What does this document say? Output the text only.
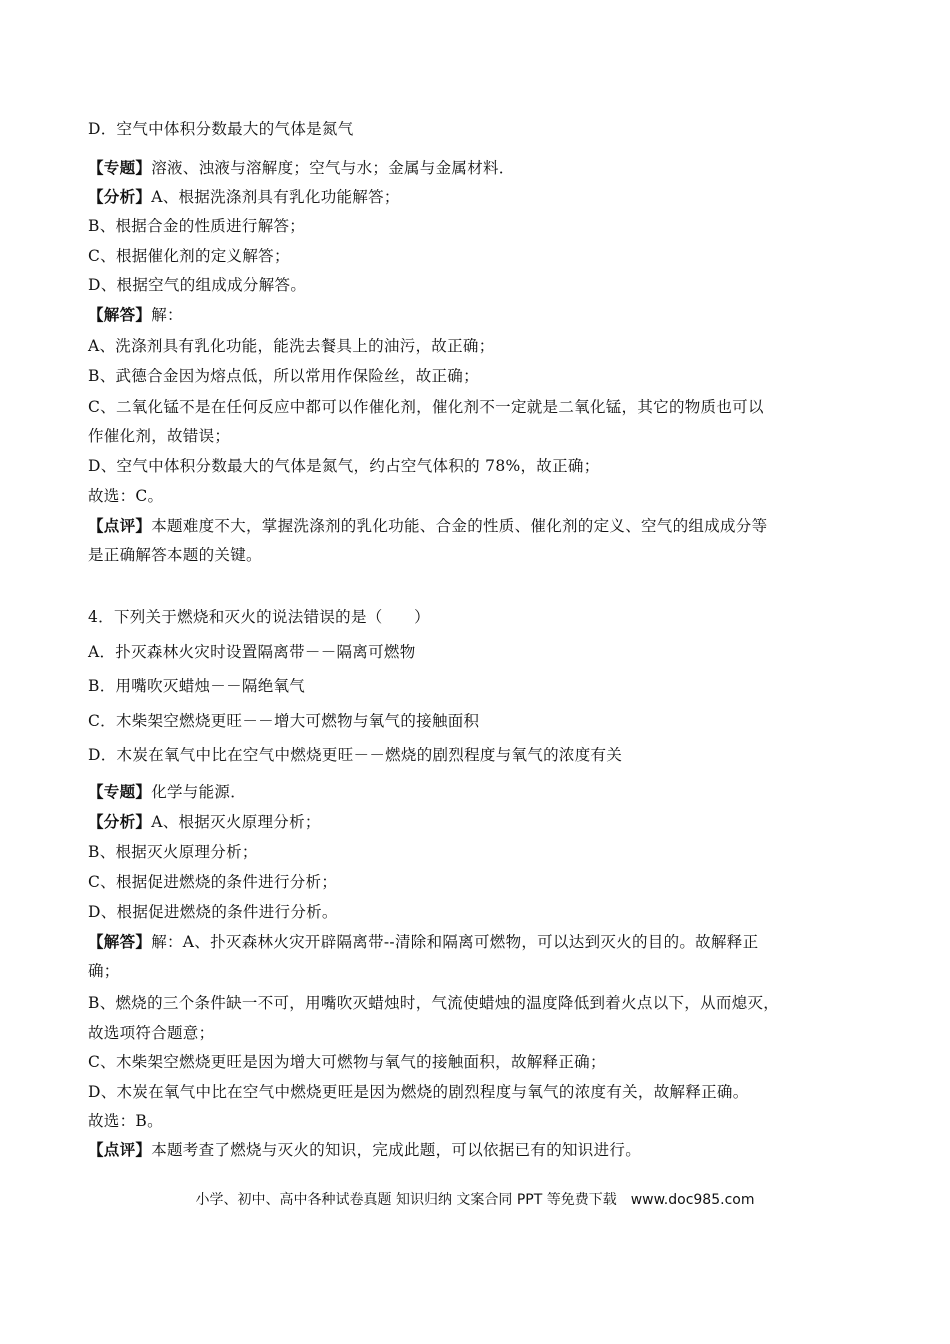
D．空气中体积分数最大的气体是氮气
【专题】溶液、浊液与溶解度；空气与水；金属与金属材料．
【分析】A、根据洗涤剂具有乳化功能解答；
B、根据合金的性质进行解答；
C、根据催化剂的定义解答；
D、根据空气的组成成分解答。
【解答】解：
A、洗涤剂具有乳化功能，能洗去餐具上的油污，故正确；
B、武德合金因为熔点低，所以常用作保险丝，故正确；
C、二氧化锰不是在任何反应中都可以作催化剂，催化剂不一定就是二氧化锰，其它的物质也可以
作催化剂，故错误；
D、空气中体积分数最大的气体是氮气，约占空气体积的 78%，故正确；
故选：C。
【点评】本题难度不大，掌握洗涤剂的乳化功能、合金的性质、催化剂的定义、空气的组成成分等
是正确解答本题的关键。
4．下列关于燃烧和灭火的说法错误的是（　　）
A．扑灭森林火灾时设置隔离带－－隔离可燃物
B．用嘴吹灭蜡烛－－隔绝氧气
C．木柴架空燃烧更旺－－增大可燃物与氧气的接触面积
D．木炭在氧气中比在空气中燃烧更旺－－燃烧的剧烈程度与氧气的浓度有关
【专题】化学与能源．
【分析】A、根据灭火原理分析；
B、根据灭火原理分析；
C、根据促进燃烧的条件进行分析；
D、根据促进燃烧的条件进行分析。
【解答】解：A、扑灭森林火灾开辟隔离带--清除和隔离可燃物，可以达到灭火的目的。故解释正
确；
B、燃烧的三个条件缺一不可，用嘴吹灭蜡烛时，气流使蜡烛的温度降低到着火点以下，从而熄灭，
故选项符合题意；
C、木柴架空燃烧更旺是因为增大可燃物与氧气的接触面积，故解释正确；
D、木炭在氧气中比在空气中燃烧更旺是因为燃烧的剧烈程度与氧气的浓度有关，故解释正确。
故选：B。
【点评】本题考查了燃烧与灭火的知识，完成此题，可以依据已有的知识进行。
小学、初中、高中各种试卷真题 知识归纳 文案合同 PPT 等免费下载　www.doc985.com
